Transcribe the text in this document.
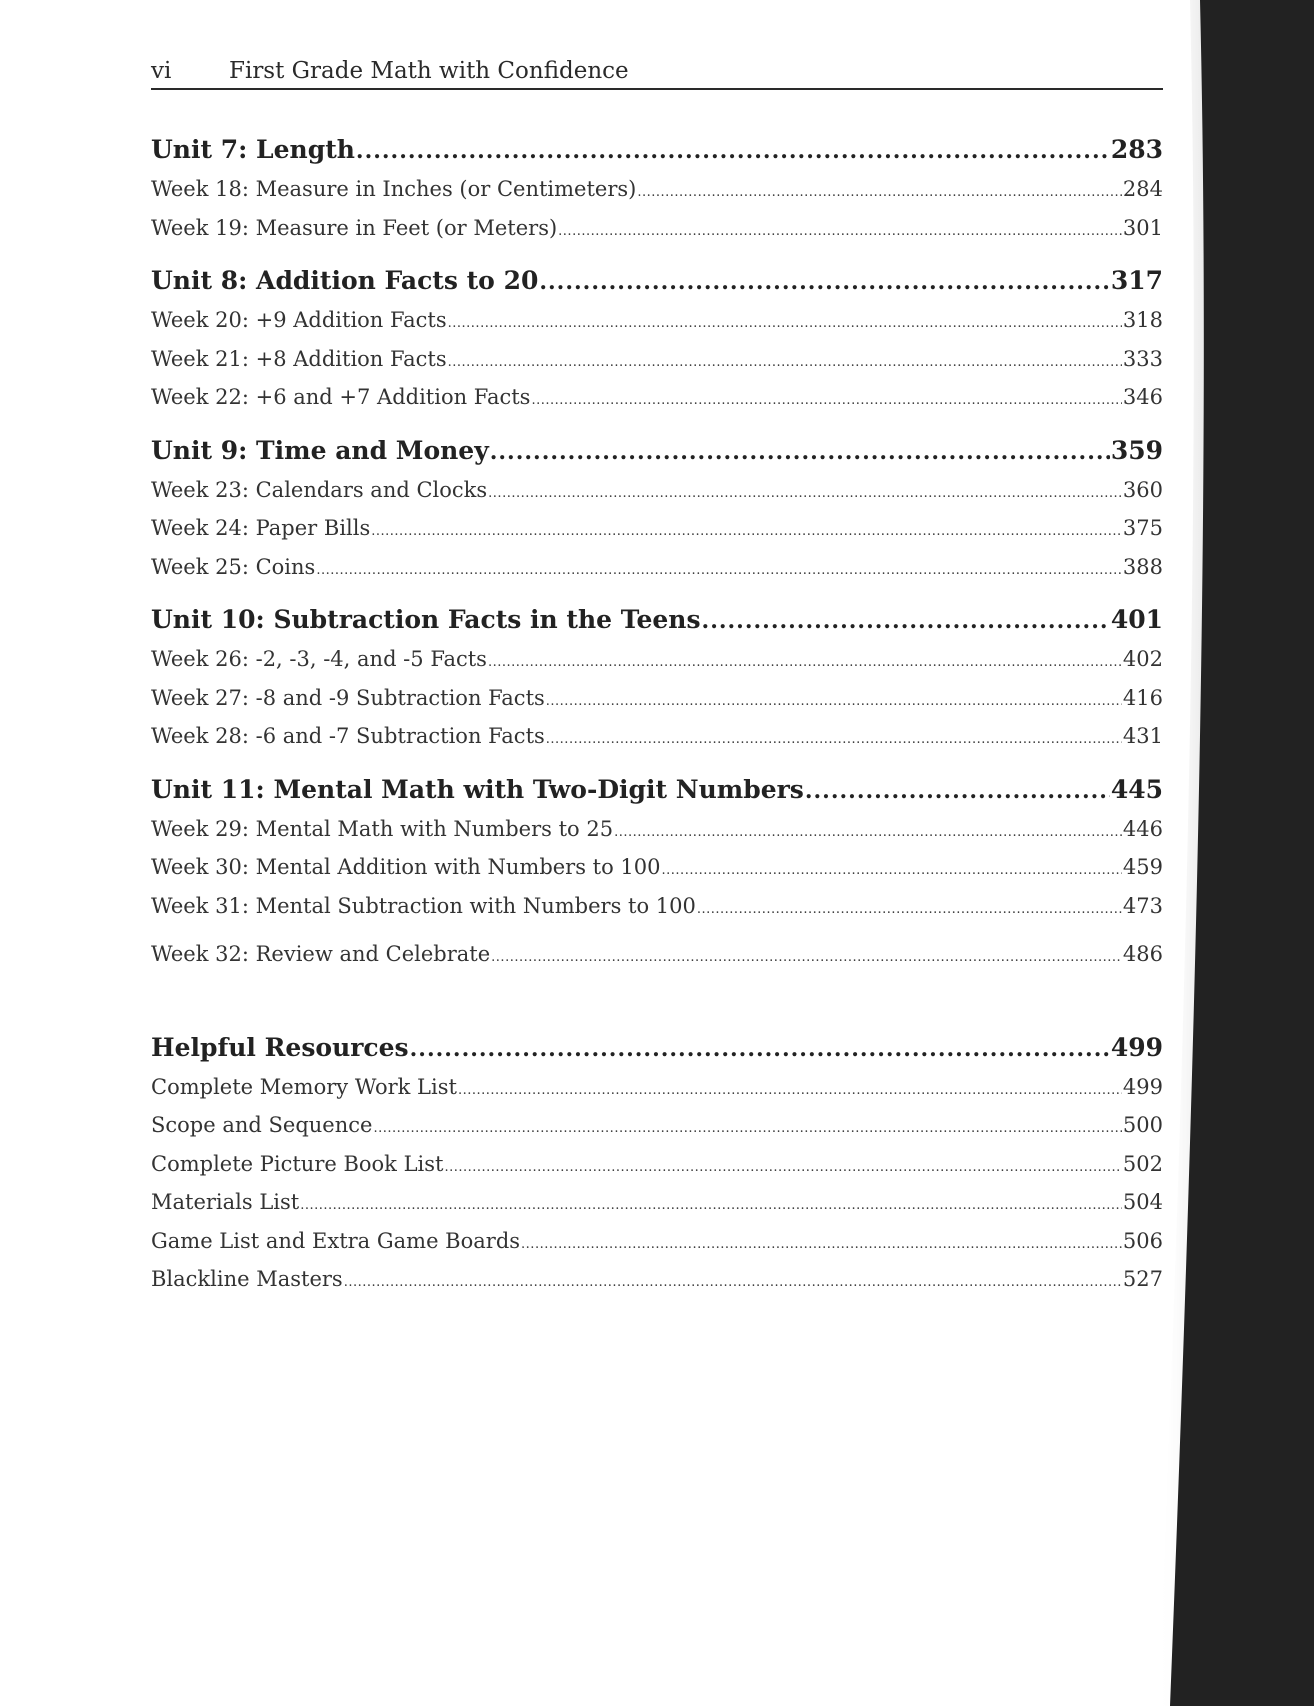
vi	First Grade Math with Confidence
Unit 7: Length .....	283
Week 18: Measure in Inches (or Centimeters) .....	284
Week 19: Measure in Feet (or Meters) .....	301
Unit 8: Addition Facts to 20 .....	317
Week 20: +9 Addition Facts .....	318
Week 21: +8 Addition Facts .....	333
Week 22: +6 and +7 Addition Facts .....	346
Unit 9: Time and Money .....	359
Week 23: Calendars and Clocks .....	360
Week 24: Paper Bills .....	375
Week 25: Coins .....	388
Unit 10: Subtraction Facts in the Teens .....	401
Week 26: -2, -3, -4, and -5 Facts .....	402
Week 27: -8 and -9 Subtraction Facts .....	416
Week 28: -6 and -7 Subtraction Facts .....	431
Unit 11: Mental Math with Two-Digit Numbers .....	445
Week 29: Mental Math with Numbers to 25 .....	446
Week 30: Mental Addition with Numbers to 100 .....	459
Week 31: Mental Subtraction with Numbers to 100 .....	473
Week 32: Review and Celebrate .....	486
Helpful Resources .....	499
Complete Memory Work List .....	499
Scope and Sequence .....	500
Complete Picture Book List .....	502
Materials List .....	504
Game List and Extra Game Boards .....	506
Blackline Masters .....	527
